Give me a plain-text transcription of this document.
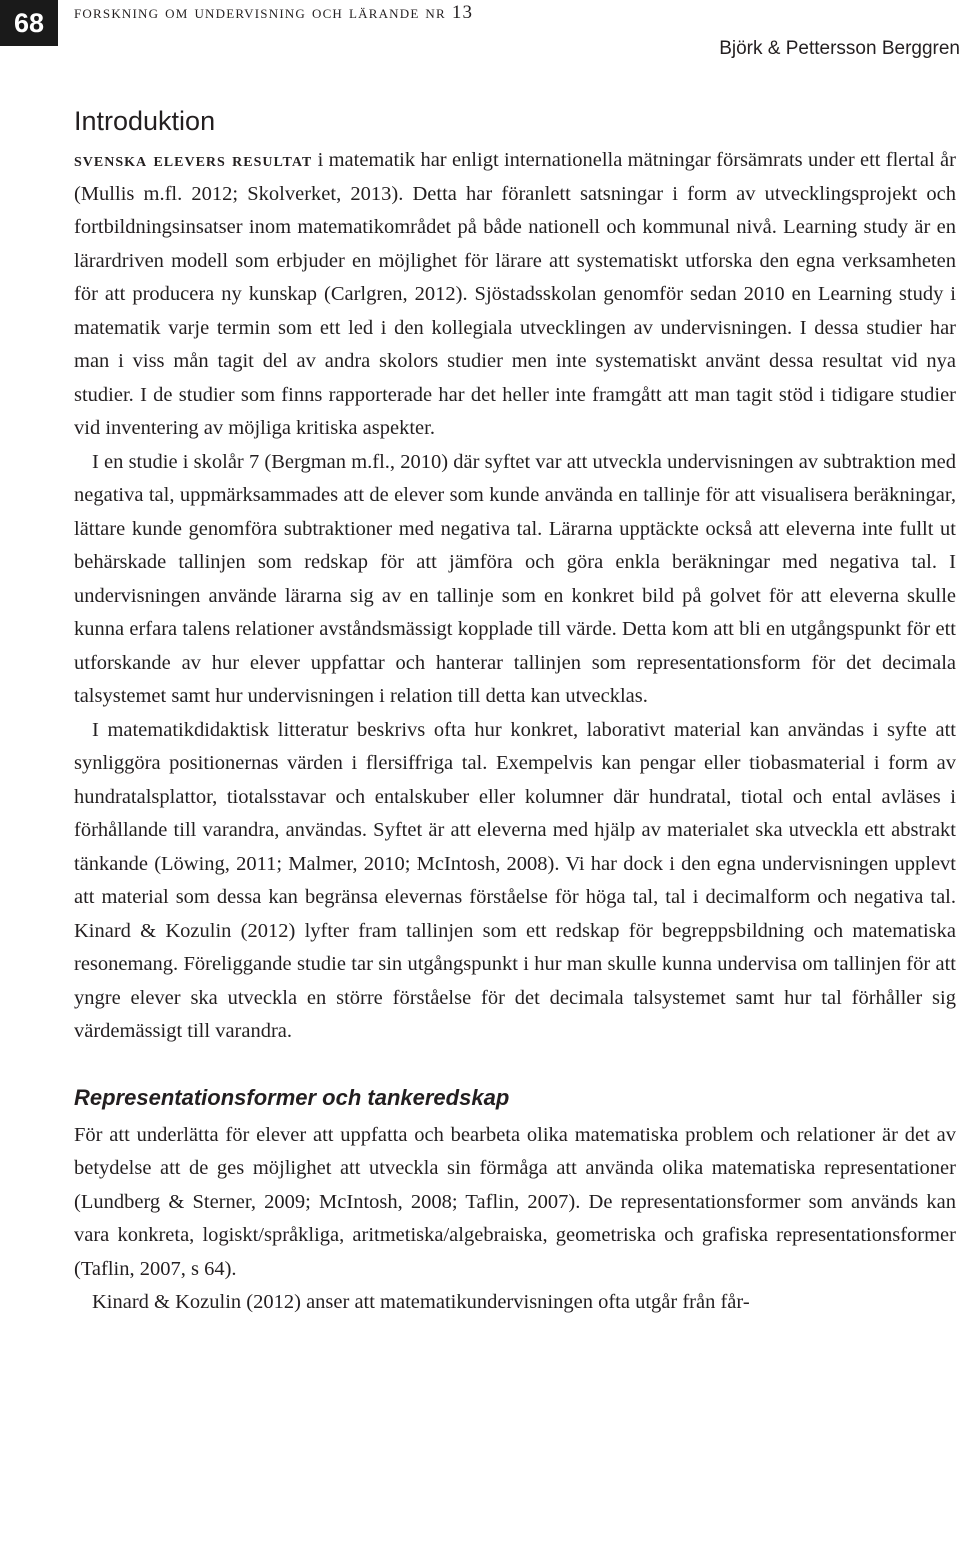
68	forskning om undervisning och lärande nr 13
Björk & Pettersson Berggren
Introduktion

svenska elevers resultat i matematik har enligt internationella mätningar försämrats under ett flertal år (Mullis m.fl. 2012; Skolverket, 2013). Detta har föranlett satsningar i form av utvecklingsprojekt och fortbildningsinsatser inom matematikområdet på både nationell och kommunal nivå. Learning study är en lärardriven modell som erbjuder en möjlighet för lärare att systematiskt utforska den egna verksamheten för att producera ny kunskap (Carlgren, 2012). Sjöstadsskolan genomför sedan 2010 en Learning study i matematik varje termin som ett led i den kollegiala utvecklingen av undervisningen. I dessa studier har man i viss mån tagit del av andra skolors studier men inte systematiskt använt dessa resultat vid nya studier. I de studier som finns rapporterade har det heller inte framgått att man tagit stöd i tidigare studier vid inventering av möjliga kritiska aspekter.

I en studie i skolår 7 (Bergman m.fl., 2010) där syftet var att utveckla undervisningen av subtraktion med negativa tal, uppmärksammades att de elever som kunde använda en tallinje för att visualisera beräkningar, lättare kunde genomföra subtraktioner med negativa tal. Lärarna upptäckte också att eleverna inte fullt ut behärskade tallinjen som redskap för att jämföra och göra enkla beräkningar med negativa tal. I undervisningen använde lärarna sig av en tallinje som en konkret bild på golvet för att eleverna skulle kunna erfara talens relationer avståndsmässigt kopplade till värde. Detta kom att bli en utgångspunkt för ett utforskande av hur elever uppfattar och hanterar tallinjen som representationsform för det decimala talsystemet samt hur undervisningen i relation till detta kan utvecklas.

I matematikdidaktisk litteratur beskrivs ofta hur konkret, laborativt material kan användas i syfte att synliggöra positionernas värden i flersiffriga tal. Exempelvis kan pengar eller tiobasmaterial i form av hundratalsplattor, tiotalsstavar och entalskuber eller kolumner där hundratal, tiotal och ental avläses i förhållande till varandra, användas. Syftet är att eleverna med hjälp av materialet ska utveckla ett abstrakt tänkande (Löwing, 2011; Malmer, 2010; McIntosh, 2008). Vi har dock i den egna undervisningen upplevt att material som dessa kan begränsa elevernas förståelse för höga tal, tal i decimalform och negativa tal. Kinard & Kozulin (2012) lyfter fram tallinjen som ett redskap för begreppsbildning och matematiska resonemang. Föreliggande studie tar sin utgångspunkt i hur man skulle kunna undervisa om tallinjen för att yngre elever ska utveckla en större förståelse för det decimala talsystemet samt hur tal förhåller sig värdemässigt till varandra.

Representationsformer och tankeredskap

För att underlätta för elever att uppfatta och bearbeta olika matematiska problem och relationer är det av betydelse att de ges möjlighet att utveckla sin förmåga att använda olika matematiska representationer (Lundberg & Sterner, 2009; McIntosh, 2008; Taflin, 2007). De representationsformer som används kan vara konkreta, logiskt/språkliga, aritmetiska/algebraiska, geometriska och grafiska representationsformer (Taflin, 2007, s 64).

Kinard & Kozulin (2012) anser att matematikundervisningen ofta utgår från får-
